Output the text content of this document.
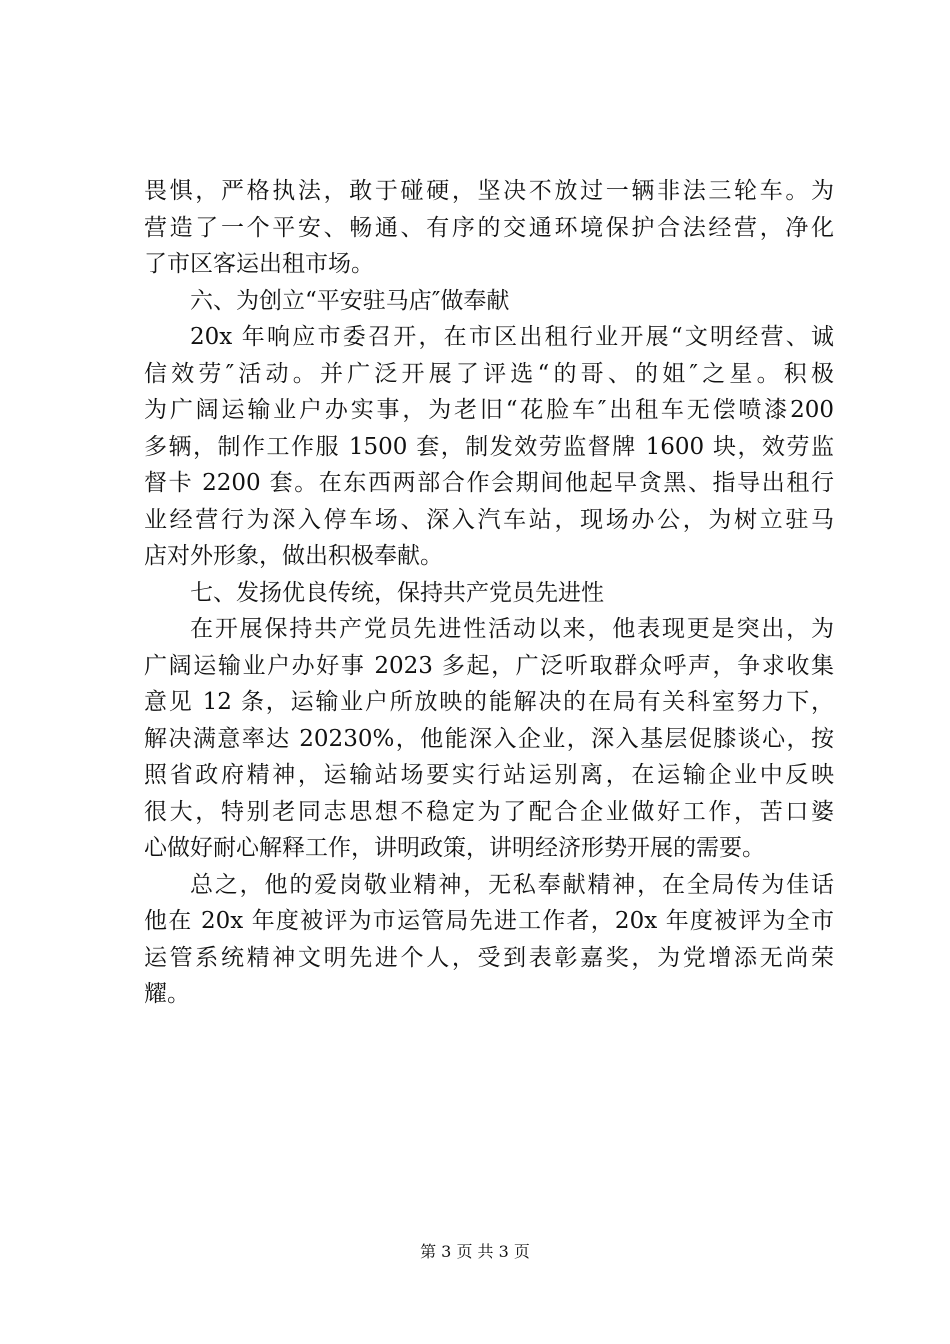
畏惧，严格执法，敢于碰硬，坚决不放过一辆非法三轮车。为
营造了一个平安、畅通、有序的交通环境保护合法经营，净化
了市区客运出租市场。
六、为创立“平安驻马店″做奉献
20x 年响应市委召开，在市区出租行业开展“文明经营、诚
信效劳″活动。并广泛开展了评选“的哥、的姐″之星。积极
为广阔运输业户办实事，为老旧“花脸车″出租车无偿喷漆200
多辆，制作工作服 1500 套，制发效劳监督牌 1600 块，效劳监
督卡 2200 套。在东西两部合作会期间他起早贪黑、指导出租行
业经营行为深入停车场、深入汽车站，现场办公，为树立驻马
店对外形象，做出积极奉献。
七、发扬优良传统，保持共产党员先进性
在开展保持共产党员先进性活动以来，他表现更是突出，为
广阔运输业户办好事 2023 多起，广泛听取群众呼声，争求收集
意见 12 条，运输业户所放映的能解决的在局有关科室努力下，
解决满意率达 20230%，他能深入企业，深入基层促膝谈心，按
照省政府精神，运输站场要实行站运别离，在运输企业中反映
很大，特别老同志思想不稳定为了配合企业做好工作，苦口婆
心做好耐心解释工作，讲明政策，讲明经济形势开展的需要。
总之，他的爱岗敬业精神，无私奉献精神，在全局传为佳话
他在 20x 年度被评为市运管局先进工作者，20x 年度被评为全市
运管系统精神文明先进个人，受到表彰嘉奖，为党增添无尚荣
耀。
第 3 页 共 3 页
